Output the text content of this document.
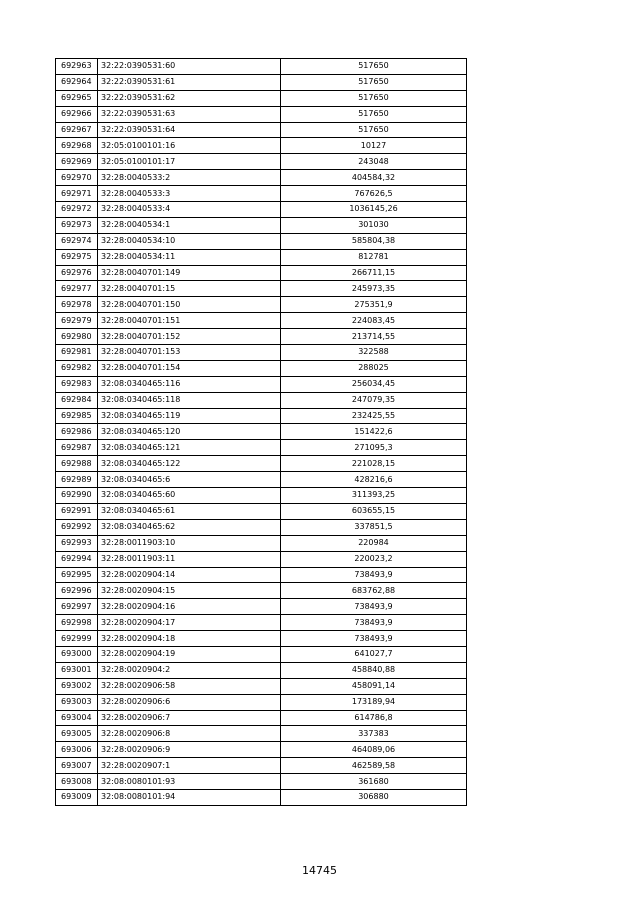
692963	32:22:0390531:60	517650
692964	32:22:0390531:61	517650
692965	32:22:0390531:62	517650
692966	32:22:0390531:63	517650
692967	32:22:0390531:64	517650
692968	32:05:0100101:16	10127
692969	32:05:0100101:17	243048
692970	32:28:0040533:2	404584,32
692971	32:28:0040533:3	767626,5
692972	32:28:0040533:4	1036145,26
692973	32:28:0040534:1	301030
692974	32:28:0040534:10	585804,38
692975	32:28:0040534:11	812781
692976	32:28:0040701:149	266711,15
692977	32:28:0040701:15	245973,35
692978	32:28:0040701:150	275351,9
692979	32:28:0040701:151	224083,45
692980	32:28:0040701:152	213714,55
692981	32:28:0040701:153	322588
692982	32:28:0040701:154	288025
692983	32:08:0340465:116	256034,45
692984	32:08:0340465:118	247079,35
692985	32:08:0340465:119	232425,55
692986	32:08:0340465:120	151422,6
692987	32:08:0340465:121	271095,3
692988	32:08:0340465:122	221028,15
692989	32:08:0340465:6	428216,6
692990	32:08:0340465:60	311393,25
692991	32:08:0340465:61	603655,15
692992	32:08:0340465:62	337851,5
692993	32:28:0011903:10	220984
692994	32:28:0011903:11	220023,2
692995	32:28:0020904:14	738493,9
692996	32:28:0020904:15	683762,88
692997	32:28:0020904:16	738493,9
692998	32:28:0020904:17	738493,9
692999	32:28:0020904:18	738493,9
693000	32:28:0020904:19	641027,7
693001	32:28:0020904:2	458840,88
693002	32:28:0020906:58	458091,14
693003	32:28:0020906:6	173189,94
693004	32:28:0020906:7	614786,8
693005	32:28:0020906:8	337383
693006	32:28:0020906:9	464089,06
693007	32:28:0020907:1	462589,58
693008	32:08:0080101:93	361680
693009	32:08:0080101:94	306880
14745
